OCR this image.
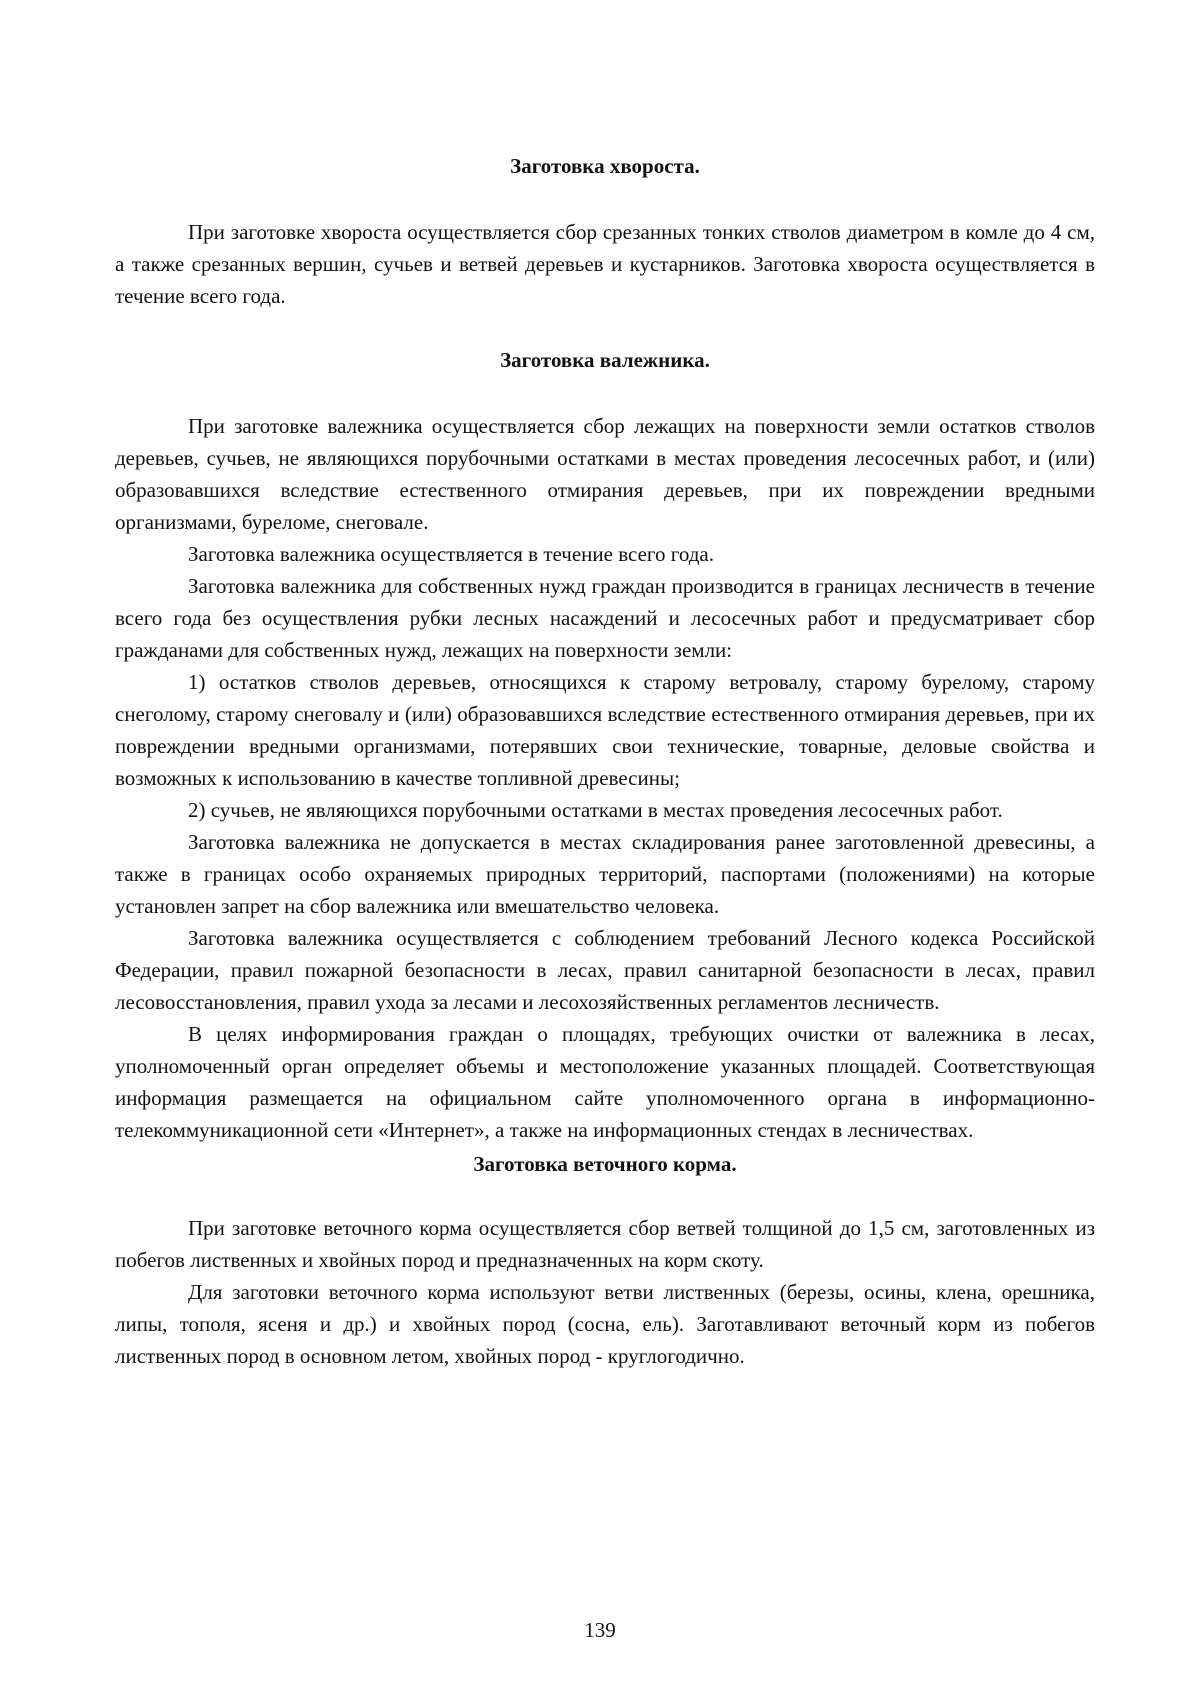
Заготовка хвороста.

При заготовке хвороста осуществляется сбор срезанных тонких стволов диаметром в комле до 4 см, а также срезанных вершин, сучьев и ветвей деревьев и кустарников. Заготовка хвороста осуществляется в течение всего года.

Заготовка валежника.

При заготовке валежника осуществляется сбор лежащих на поверхности земли остатков стволов деревьев, сучьев, не являющихся порубочными остатками в местах проведения лесосечных работ, и (или) образовавшихся вследствие естественного отмирания деревьев, при их повреждении вредными организмами, буреломе, снеговале.

Заготовка валежника осуществляется в течение всего года.

Заготовка валежника для собственных нужд граждан производится в границах лесничеств в течение всего года без осуществления рубки лесных насаждений и лесосечных работ и предусматривает сбор гражданами для собственных нужд, лежащих на поверхности земли:

1) остатков стволов деревьев, относящихся к старому ветровалу, старому бурелому, старому снеголому, старому снеговалу и (или) образовавшихся вследствие естественного отмирания деревьев, при их повреждении вредными организмами, потерявших свои технические, товарные, деловые свойства и возможных к использованию в качестве топливной древесины;

2) сучьев, не являющихся порубочными остатками в местах проведения лесосечных работ.

Заготовка валежника не допускается в местах складирования ранее заготовленной древесины, а также в границах особо охраняемых природных территорий, паспортами (положениями) на которые установлен запрет на сбор валежника или вмешательство человека.

Заготовка валежника осуществляется с соблюдением требований Лесного кодекса Российской Федерации, правил пожарной безопасности в лесах, правил санитарной безопасности в лесах, правил лесовосстановления, правил ухода за лесами и лесохозяйственных регламентов лесничеств.

В целях информирования граждан о площадях, требующих очистки от валежника в лесах, уполномоченный орган определяет объемы и местоположение указанных площадей. Соответствующая информация размещается на официальном сайте уполномоченного органа в информационно-телекоммуникационной сети «Интернет», а также на информационных стендах в лесничествах.

Заготовка веточного корма.

При заготовке веточного корма осуществляется сбор ветвей толщиной до 1,5 см, заготовленных из побегов лиственных и хвойных пород и предназначенных на корм скоту.

Для заготовки веточного корма используют ветви лиственных (березы, осины, клена, орешника, липы, тополя, ясеня и др.) и хвойных пород (сосна, ель). Заготавливают веточный корм из побегов лиственных пород в основном летом, хвойных пород - круглогодично.

139
